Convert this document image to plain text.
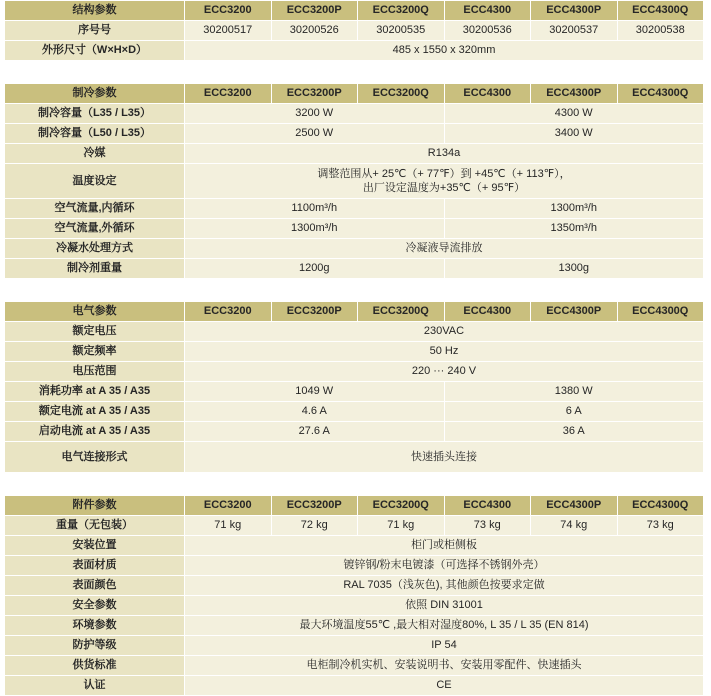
结构参数	ECC3200	ECC3200P	ECC3200Q	ECC4300	ECC4300P	ECC4300Q
序号号	30200517	30200526	30200535	30200536	30200537	30200538
外形尺寸（W×H×D）	485 x 1550 x 320mm					
制冷参数	ECC3200	ECC3200P	ECC3200Q	ECC4300	ECC4300P	ECC4300Q
制冷容量（L35 / L35）	3200 W			4300 W		
制冷容量（L50 / L35）	2500 W			3400 W		
冷媒	R134a					
温度设定	调整范围从+ 25℃（+ 77℉）到 +45℃（+ 113℉），
出厂设定温度为+35℃（+ 95℉）					

空气流量,内循环	1100m³/h			1300m³/h		
空气流量,外循环	1300m³/h			1350m³/h		
冷凝水处理方式	冷凝液导流排放					
制冷剂重量	1200g			1300g		
电气参数	ECC3200	ECC3200P	ECC3200Q	ECC4300	ECC4300P	ECC4300Q
额定电压	230VAC					
额定频率	50 Hz					
电压范围	220 ··· 240 V					
消耗功率 at A 35 / A35	1049 W			1380 W		
额定电流 at A 35 / A35	4.6 A			6 A		
启动电流 at A 35 / A35	27.6 A			36 A		
电气连接形式	快速插头连接					
附件参数	ECC3200	ECC3200P	ECC3200Q	ECC4300	ECC4300P	ECC4300Q
重量（无包装）	71 kg	72 kg	71 kg	73 kg	74 kg	73 kg
安装位置	柜门或柜侧板					
表面材质	镀锌钢/粉末电镀漆（可选择不锈钢外壳）					
表面颜色	RAL 7035（浅灰色), 其他颜色按要求定做					
安全参数	依照 DIN 31001					
环境参数	最大环境温度55℃ ,最大相对湿度80%, L 35 / L 35 (EN 814)					
防护等级	IP 54					
供货标准	电柜制冷机实机、安装说明书、安装用零配件、快速插头					
认证	CE					
